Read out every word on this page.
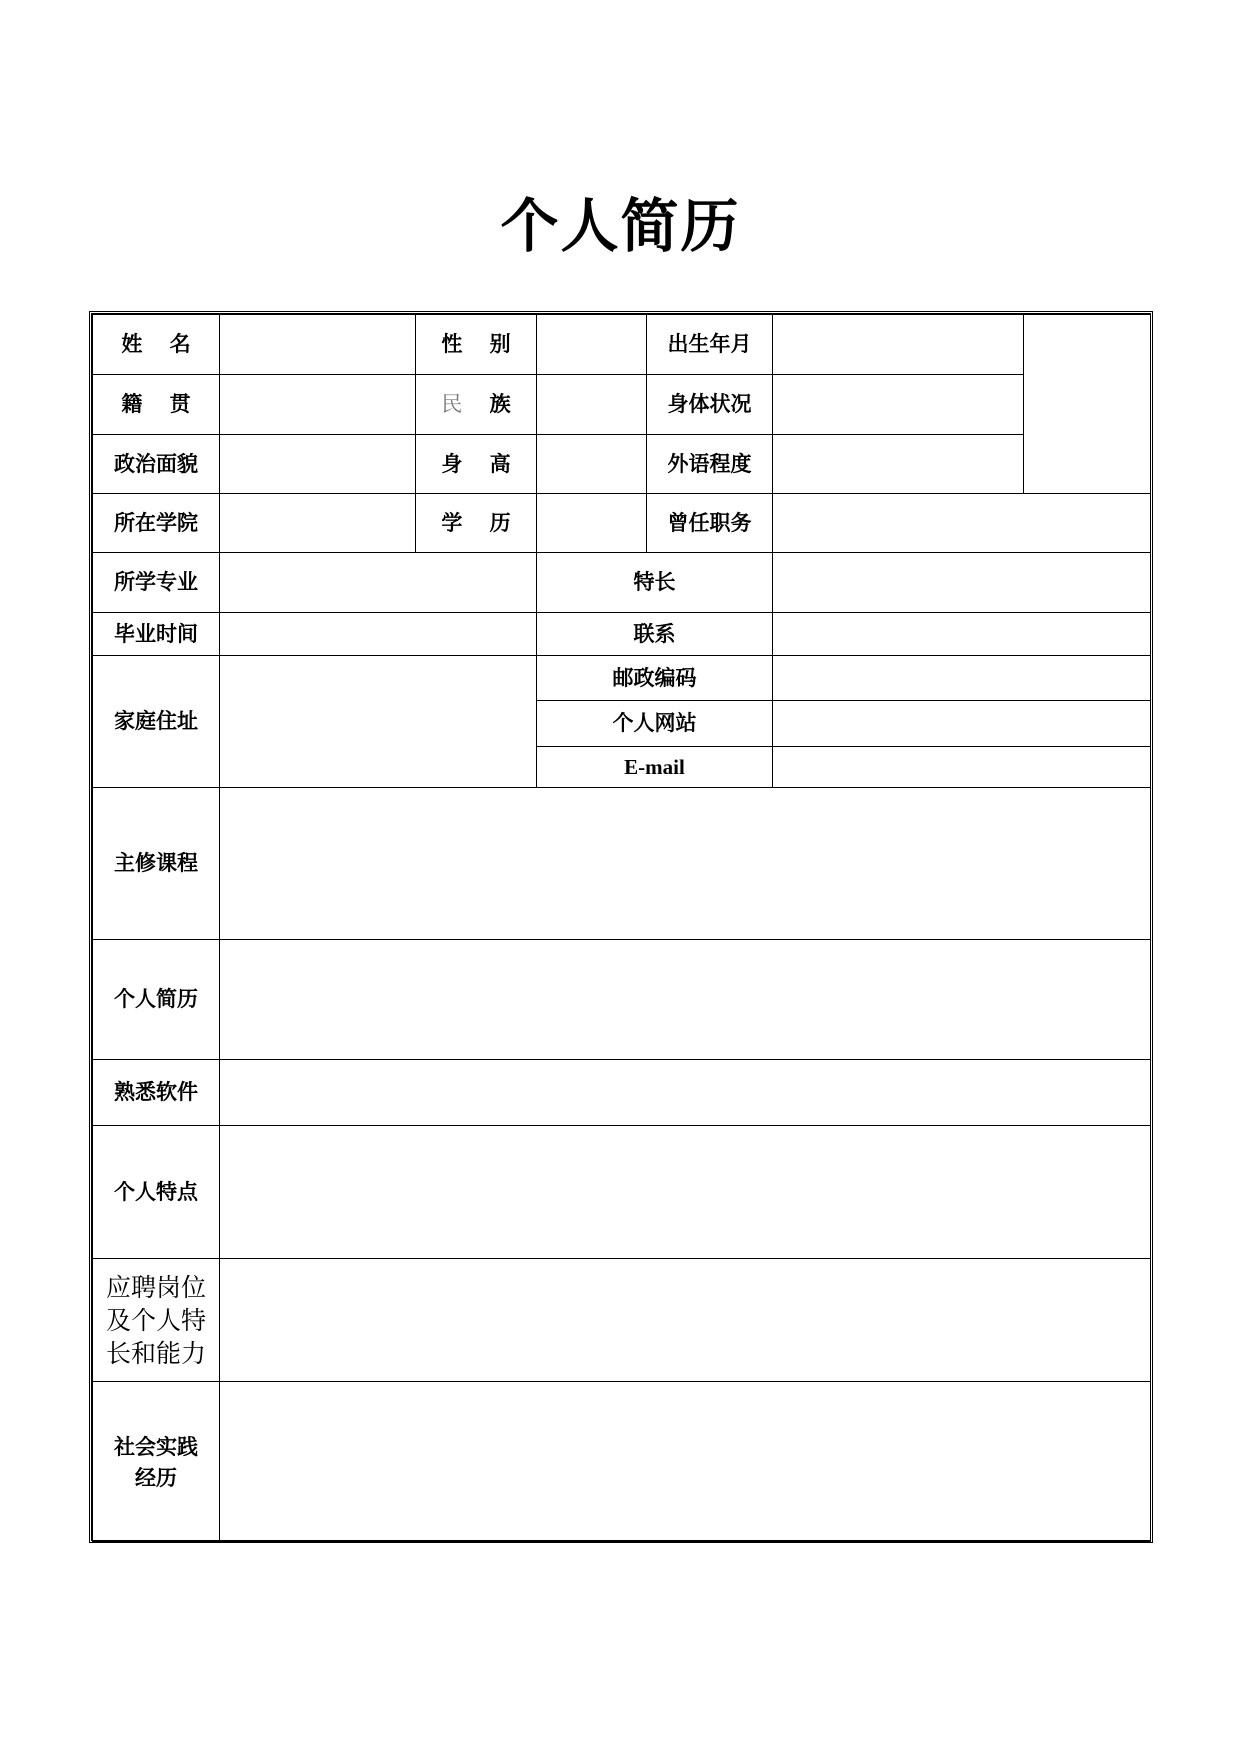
个人简历
姓 名		性 别		出生年月		
籍 贯		民 族		身体状况		
政治面貌		身 高		外语程度		
所在学院		学 历		曾任职务		
所学专业			特长			
毕业时间			联系			
家庭住址			邮政编码			
			个人网站			
			E-mail			
主修课程						
个人简历						
熟悉软件						
个人特点						

应聘岗位
及个人特
长和能力						

社会实践
经历						
